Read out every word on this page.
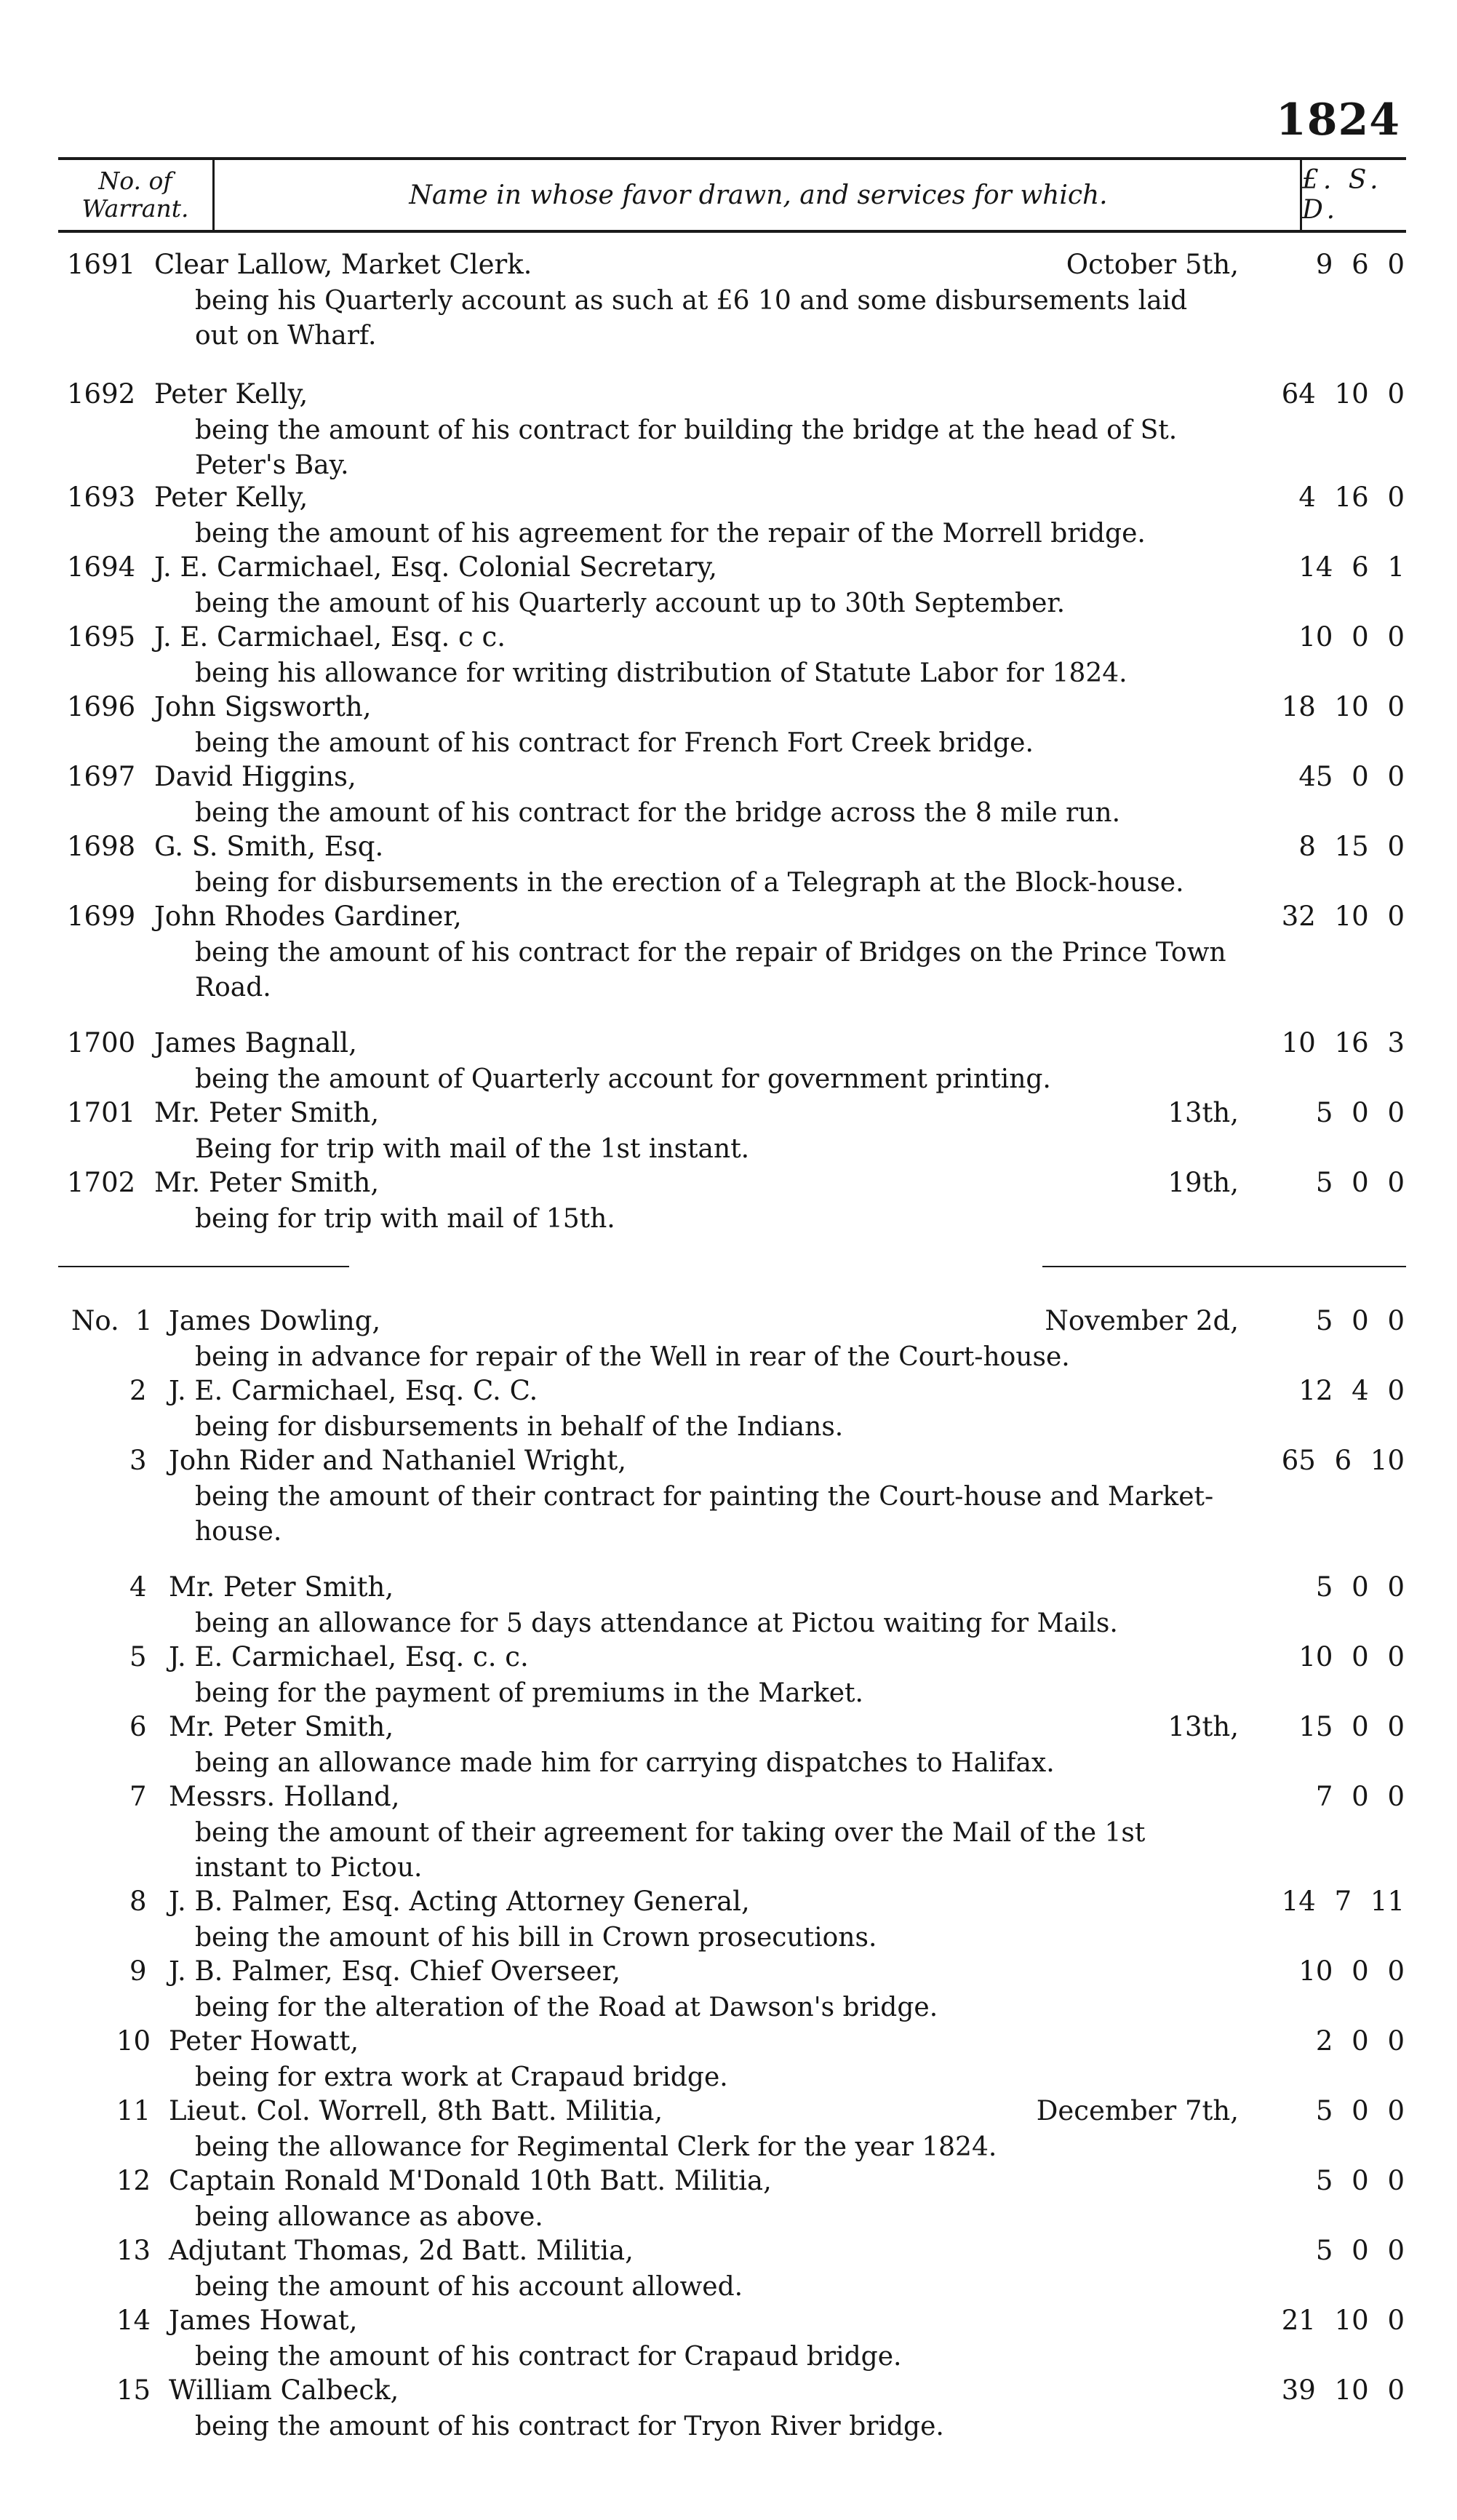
1824
No. of
Warrant.	Name in whose favor drawn, and services for which.	£. S. D.
1691 Clear Lallow, Market Clerk.	October 5th,	9 6 0
being his Quarterly account as such at £6 10 and some disbursements laid out on Wharf.
1692 Peter Kelly,	64 10 0
being the amount of his contract for building the bridge at the head of St. Peter's Bay.
1693 Peter Kelly,	4 16 0
being the amount of his agreement for the repair of the Morrell bridge.
1694 J. E. Carmichael, Esq. Colonial Secretary,	14 6 1
being the amount of his Quarterly account up to 30th September.
1695 J. E. Carmichael, Esq. c c.	10 0 0
being his allowance for writing distribution of Statute Labor for 1824.
1696 John Sigsworth,	18 10 0
being the amount of his contract for French Fort Creek bridge.
1697 David Higgins,	45 0 0
being the amount of his contract for the bridge across the 8 mile run.
1698 G. S. Smith, Esq.	8 15 0
being for disbursements in the erection of a Telegraph at the Block-house.
1699 John Rhodes Gardiner,	32 10 0
being the amount of his contract for the repair of Bridges on the Prince Town Road.
1700 James Bagnall,	10 16 3
being the amount of Quarterly account for government printing.
1701 Mr. Peter Smith,	13th,	5 0 0
Being for trip with mail of the 1st instant.
1702 Mr. Peter Smith,	19th,	5 0 0
being for trip with mail of 15th.
No. 1 James Dowling,	November 2d,	5 0 0
being in advance for repair of the Well in rear of the Court-house.
2 J. E. Carmichael, Esq. C. C.	12 4 0
being for disbursements in behalf of the Indians.
3 John Rider and Nathaniel Wright,	65 6 10
being the amount of their contract for painting the Court-house and Market-house.
4 Mr. Peter Smith,	5 0 0
being an allowance for 5 days attendance at Pictou waiting for Mails.
5 J. E. Carmichael, Esq. c. c.	10 0 0
being for the payment of premiums in the Market.
6 Mr. Peter Smith,	13th,	15 0 0
being an allowance made him for carrying dispatches to Halifax.
7 Messrs. Holland,	7 0 0
being the amount of their agreement for taking over the Mail of the 1st instant to Pictou.
8 J. B. Palmer, Esq. Acting Attorney General,	14 7 11
being the amount of his bill in Crown prosecutions.
9 J. B. Palmer, Esq. Chief Overseer,	10 0 0
being for the alteration of the Road at Dawson's bridge.
10 Peter Howatt,	2 0 0
being for extra work at Crapaud bridge.
11 Lieut. Col. Worrell, 8th Batt. Militia,	December 7th,	5 0 0
being the allowance for Regimental Clerk for the year 1824.
12 Captain Ronald M'Donald 10th Batt. Militia,	5 0 0
being allowance as above.
13 Adjutant Thomas, 2d Batt. Militia,	5 0 0
being the amount of his account allowed.
14 James Howat,	21 10 0
being the amount of his contract for Crapaud bridge.
15 William Calbeck,	39 10 0
being the amount of his contract for Tryon River bridge.
